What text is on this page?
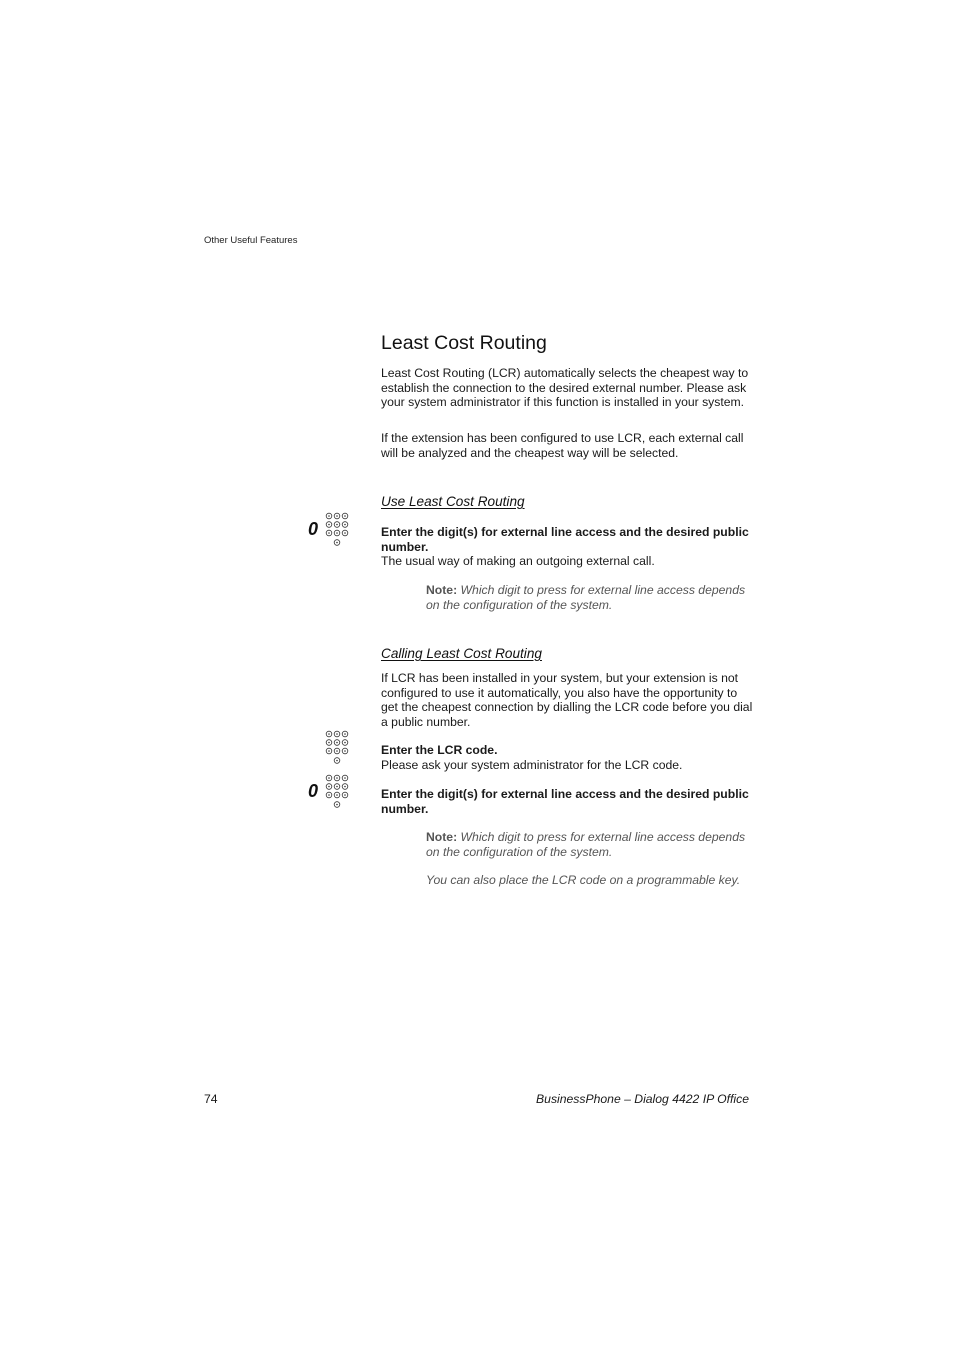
Other Useful Features
Least Cost Routing
Least Cost Routing (LCR) automatically selects the cheapest way to establish the connection to the desired external number. Please ask your system administrator if this function is installed in your system.
If the extension has been configured to use LCR, each external call will be analyzed and the cheapest way will be selected.
Use Least Cost Routing
0	Enter the digit(s) for external line access and the desired public number.
The usual way of making an outgoing external call.
Note: Which digit to press for external line access depends on the configuration of the system.
Calling Least Cost Routing
If LCR has been installed in your system, but your extension is not configured to use it automatically, you also have the opportunity to get the cheapest connection by dialling the LCR code before you dial a public number.
Enter the LCR code.
Please ask your system administrator for the LCR code.
0	Enter the digit(s) for external line access and the desired public number.
Note: Which digit to press for external line access depends on the configuration of the system.
You can also place the LCR code on a programmable key.
74	BusinessPhone – Dialog 4422 IP Office
